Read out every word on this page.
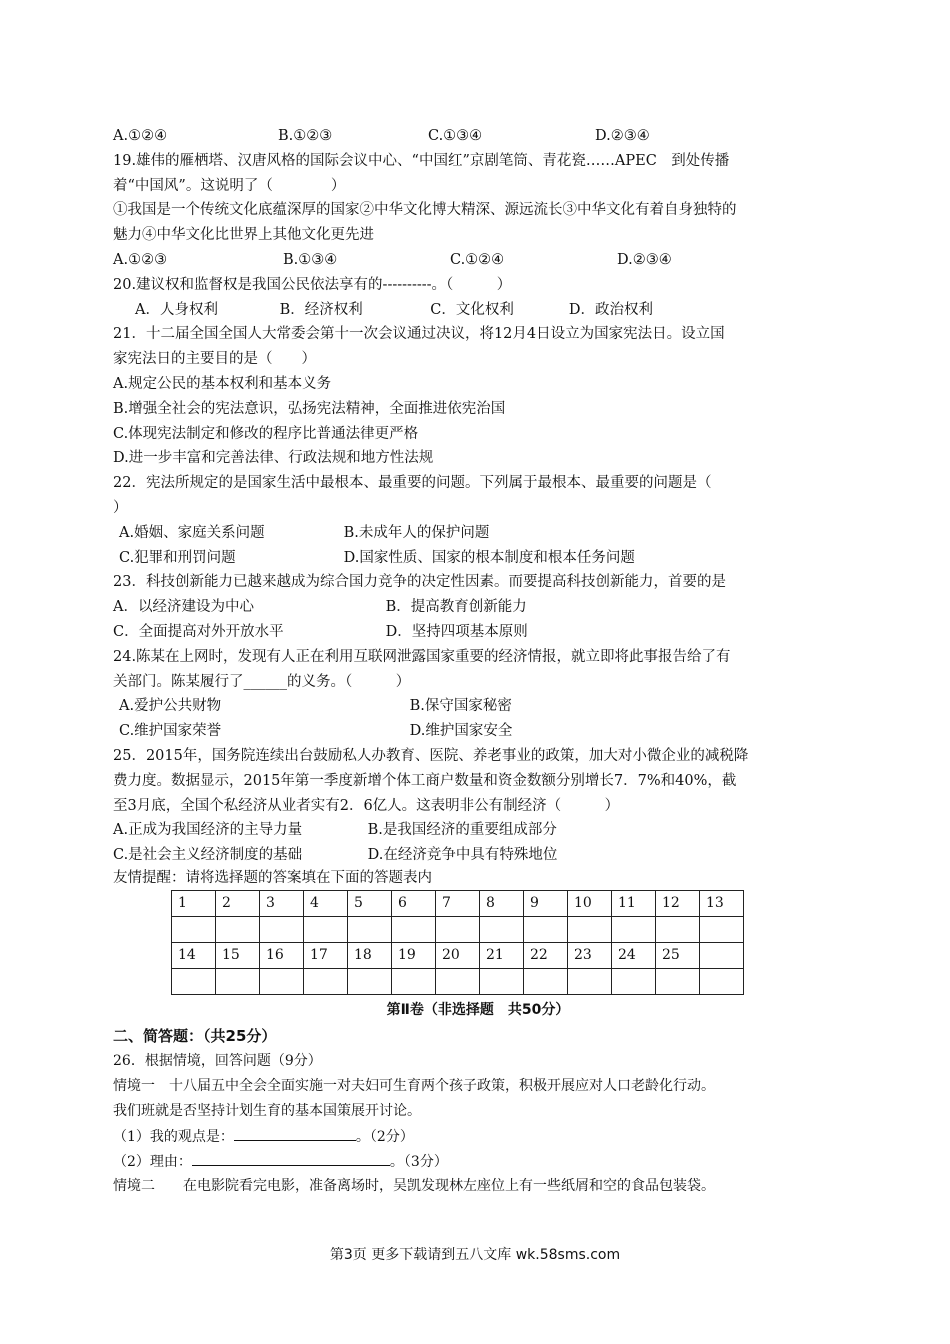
A.①②④	B.①②③	C.①③④	D.②③④
19.雄伟的雁栖塔、汉唐风格的国际会议中心、“中国红”京剧笔筒、青花瓷……APEC　到处传播
着“中国风”。这说明了（　　　　）
①我国是一个传统文化底蕴深厚的国家②中华文化博大精深、源远流长③中华文化有着自身独特的
魅力④中华文化比世界上其他文化更先进
A.①②③	B.①③④	C.①②④	D.②③④
20.建议权和监督权是我国公民依法享有的----------。（　　　）
A．人身权利	B．经济权利	C．文化权利	D．政治权利
21．十二届全国全国人大常委会第十一次会议通过决议，将12月4日设立为国家宪法日。设立国
家宪法日的主要目的是（　　）
A.规定公民的基本权利和基本义务
B.增强全社会的宪法意识，弘扬宪法精神，全面推进依宪治国
C.体现宪法制定和修改的程序比普通法律更严格
D.进一步丰富和完善法律、行政法规和地方性法规
22．宪法所规定的是国家生活中最根本、最重要的问题。下列属于最根本、最重要的问题是（
）
A.婚姻、家庭关系问题	B.未成年人的保护问题
C.犯罪和刑罚问题	D.国家性质、国家的根本制度和根本任务问题
23．科技创新能力已越来越成为综合国力竞争的决定性因素。而要提高科技创新能力，首要的是
A．以经济建设为中心	B．提高教育创新能力
C．全面提高对外开放水平	D．坚持四项基本原则
24.陈某在上网时，发现有人正在利用互联网泄露国家重要的经济情报，就立即将此事报告给了有
关部门。陈某履行了______的义务。（　　　）
A.爱护公共财物	B.保守国家秘密
C.维护国家荣誉	D.维护国家安全
25．2015年，国务院连续出台鼓励私人办教育、医院、养老事业的政策，加大对小微企业的减税降
费力度。数据显示，2015年第一季度新增个体工商户数量和资金数额分别增长7．7%和40%，截
至3月底，全国个私经济从业者实有2．6亿人。这表明非公有制经济（　　　）
A.正成为我国经济的主导力量	B.是我国经济的重要组成部分
C.是社会主义经济制度的基础	D.在经济竞争中具有特殊地位
友情提醒：请将选择题的答案填在下面的答题表内
1	2	3	4	5	6	7	8	9	10	11	12	13

14	15	16	17	18	19	20	21	22	23	24	25	

第Ⅱ卷（非选择题　共50分）
二、简答题：（共25分）
26．根据情境，回答问题（9分）
情境一　十八届五中全会全面实施一对夫妇可生育两个孩子政策，积极开展应对人口老龄化行动。
我们班就是否坚持计划生育的基本国策展开讨论。
（1）我的观点是：	。（2分）
（2）理由：	。（3分）
情境二　　在电影院看完电影，准备离场时，吴凯发现林左座位上有一些纸屑和空的食品包装袋。
第3页 更多下载请到五八文库 wk.58sms.com
